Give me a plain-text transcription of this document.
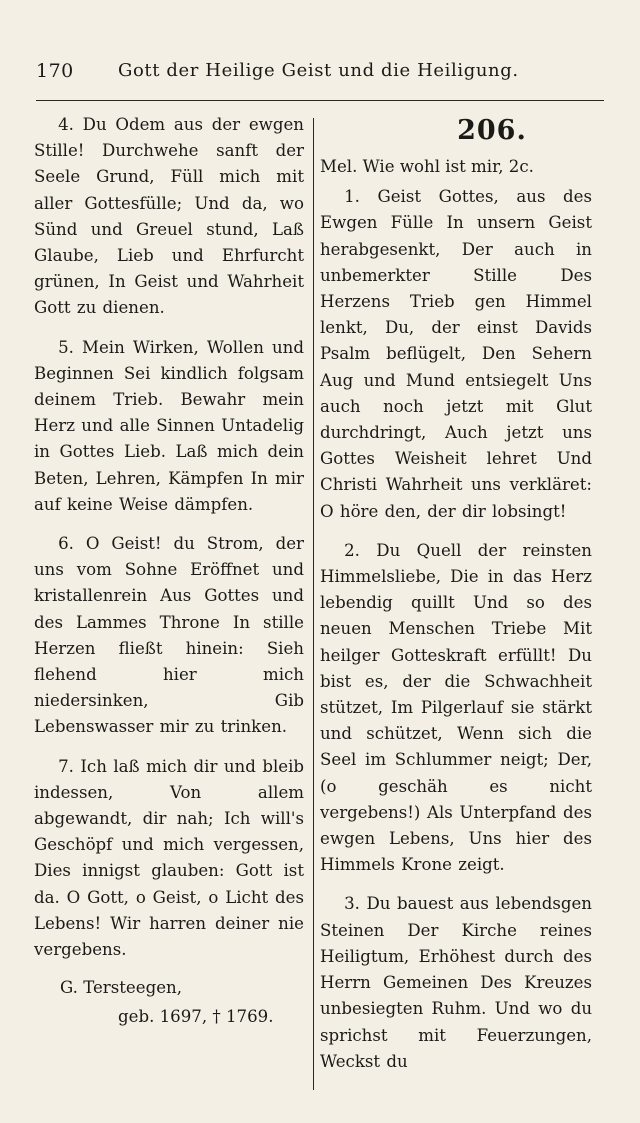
170 Gott der Heilige Geist und die Heiligung.

4. Du Odem aus der ewgen Stille! Durchwehe sanft der Seele Grund, Füll mich mit aller Gottesfülle; Und da, wo Sünd und Greuel stund, Laß Glaube, Lieb und Ehrfurcht grünen, In Geist und Wahrheit Gott zu dienen.

5. Mein Wirken, Wollen und Beginnen Sei kindlich folgsam deinem Trieb. Bewahr mein Herz und alle Sinnen Untadelig in Gottes Lieb. Laß mich dein Beten, Lehren, Kämpfen In mir auf keine Weise dämpfen.

6. O Geist! du Strom, der uns vom Sohne Eröffnet und kristallenrein Aus Gottes und des Lammes Throne In stille Herzen fließt hinein: Sieh flehend hier mich niedersinken, Gib Lebenswasser mir zu trinken.

7. Ich laß mich dir und bleib indessen, Von allem abgewandt, dir nah; Ich will's Geschöpf und mich vergessen, Dies innigst glauben: Gott ist da. O Gott, o Geist, o Licht des Lebens! Wir harren deiner nie vergebens.

G. Tersteegen,
geb. 1697, † 1769.
206.
Mel. Wie wohl ist mir, 2c.

1. Geist Gottes, aus des Ewgen Fülle In unsern Geist herabgesenkt, Der auch in unbemerkter Stille Des Herzens Trieb gen Himmel lenkt, Du, der einst Davids Psalm beflügelt, Den Sehern Aug und Mund entsiegelt Uns auch noch jetzt mit Glut durchdringt, Auch jetzt uns Gottes Weisheit lehret Und Christi Wahrheit uns verkläret: O höre den, der dir lobsingt!

2. Du Quell der reinsten Himmelsliebe, Die in das Herz lebendig quillt Und so des neuen Menschen Triebe Mit heilger Gotteskraft erfüllt! Du bist es, der die Schwachheit stützet, Im Pilgerlauf sie stärkt und schützet, Wenn sich die Seel im Schlummer neigt; Der, (o geschäh es nicht vergebens!) Als Unterpfand des ewgen Lebens, Uns hier des Himmels Krone zeigt.

3. Du bauest aus lebendsgen Steinen Der Kirche reines Heiligtum, Erhöhest durch des Herrn Gemeinen Des Kreuzes unbesiegten Ruhm. Und wo du sprichst mit Feuerzungen, Weckst du
